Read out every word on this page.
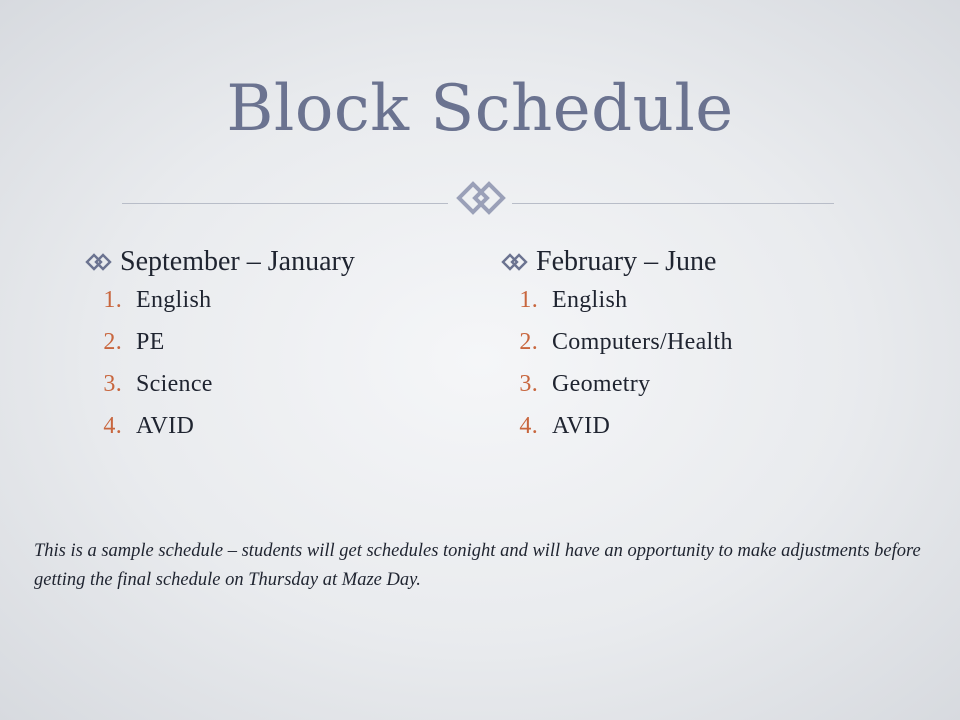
Block Schedule
September – January
1. English
2. PE
3. Science
4. AVID
February – June
1. English
2. Computers/Health
3. Geometry
4. AVID
This is a sample schedule – students will get schedules tonight and will have an opportunity to make adjustments before getting the final schedule on Thursday at Maze Day.
